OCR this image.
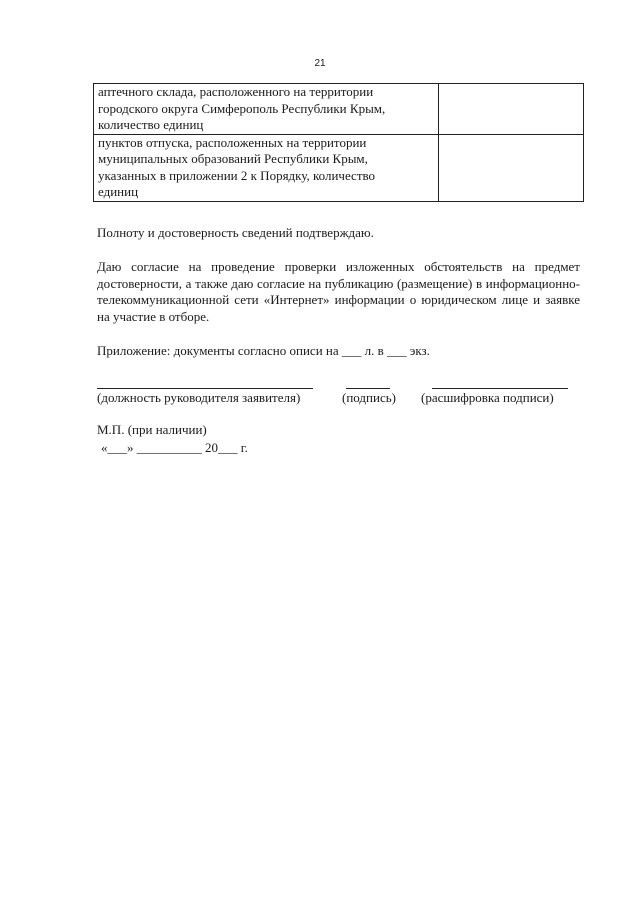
21
аптечного склада, расположенного на территории
городского округа Симферополь Республики Крым,
количество единиц	

пунктов отпуска, расположенных на территории
муниципальных образований Республики Крым,
указанных в приложении 2 к Порядку, количество
единиц	

Полноту и достоверность сведений подтверждаю.

Даю согласие на проведение проверки изложенных обстоятельств на предмет достоверности, а также даю согласие на публикацию (размещение) в информационно-телекоммуникационной сети «Интернет» информации о юридическом лице и заявке на участие в отборе.

Приложение: документы согласно описи на ___ л. в ___ экз.

(должность руководителя заявителя)	(подпись) (расшифровка подписи)

М.П. (при наличии)

«___» __________ 20___ г.
